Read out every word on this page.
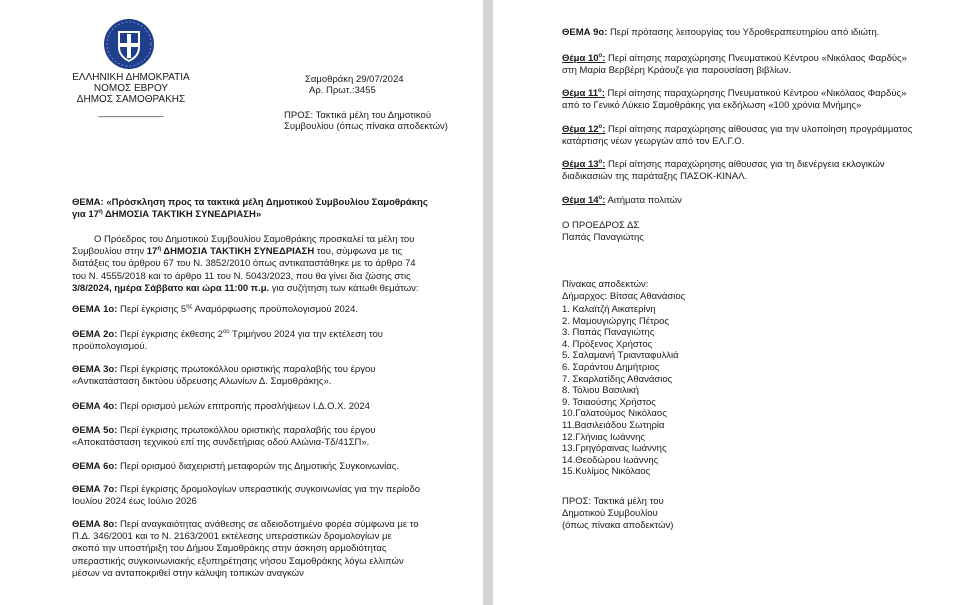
ΕΛΛΗΝΙΚΗ ΔΗΜΟΚΡΑΤΙΑ
ΝΟΜΟΣ ΕΒΡΟΥ
ΔΗΜΟΣ ΣΑΜΟΘΡΑΚΗΣ
_____________
Σαμοθράκη 29/07/2024
Αρ. Πρωτ.:3455
ΠΡΟΣ: Τακτικά μέλη του Δημοτικού
Συμβουλίου (όπως πίνακα αποδεκτών)
ΘΕΜΑ: «Πρόσκληση προς τα τακτικά μέλη Δημοτικού Συμβουλίου Σαμοθράκης
για $17^\eta$ ΔΗΜΟΣΙΑ ΤΑΚΤΙΚΗ ΣΥΝΕΔΡΙΑΣΗ»
Ο Πρόεδρος του Δημοτικού Συμβουλίου Σαμοθράκης προσκαλεί τα μέλη του
Συμβουλίου στην $17^\eta$ ΔΗΜΟΣΙΑ ΤΑΚΤΙΚΗ ΣΥΝΕΔΡΙΑΣΗ του, σύμφωνα με τις
διατάξεις του άρθρου 67 του Ν. 3852/2010 όπως αντικαταστάθηκε με το άρθρο 74
του Ν. 4555/2018 και το άρθρο 11 του Ν. 5043/2023, που θα γίνει δια ζώσης στις
3/8/2024, ημέρα Σάββατο και ώρα 11:00 π.μ. για συζήτηση των κάτωθι θεμάτων:
ΘΕΜΑ 1ο: Περί έγκρισης $5^{\eta\varsigma}$ Αναμόρφωσης προϋπολογισμού 2024.
ΘΕΜΑ 2ο: Περί έγκρισης έκθεσης $2^{o\upsilon}$ Τριμήνου 2024 για την εκτέλεση του
προϋπολογισμού.
ΘΕΜΑ 3ο: Περί έγκρισης πρωτοκόλλου οριστικής παραλαβής του έργου
«Αντικατάσταση δικτύου ύδρευσης Αλωνίων Δ. Σαμοθράκης».
ΘΕΜΑ 4ο: Περί ορισμού μελών επιτροπής προσλήψεων Ι.Δ.Ο.Χ. 2024
ΘΕΜΑ 5ο: Περί έγκρισης πρωτοκόλλου οριστικής παραλαβής του έργου
«Αποκατάσταση τεχνικού επί της συνδετήριας οδού Αλώνια-Τδ/41ΣΠ».
ΘΕΜΑ 6ο: Περί ορισμού διαχειριστή μεταφορών της Δημοτικής Συγκοινωνίας.
ΘΕΜΑ 7ο: Περί έγκρισης δρομολογίων υπεραστικής συγκοινωνίας για την περίοδο
Ιουλίου 2024 έως Ιούλιο 2026
ΘΕΜΑ 8ο: Περί αναγκαιότητας ανάθεσης σε αδειοδοτημένο φορέα σύμφωνα με το
Π.Δ. 346/2001 και το Ν. 2163/2001 εκτέλεσης υπεραστικών δρομολογίων με
σκοπό την υποστήριξη του Δήμου Σαμοθράκης στην άσκηση αρμοδιότητας
υπεραστικής συγκοινωνιακής εξυπηρέτησης νήσου Σαμοθράκης λόγω ελλιπών
μέσων να ανταποκριθεί στην κάλυψη τοπικών αναγκών
ΘΕΜΑ 9ο: Περί πρότασης λειτουργίας του Υδροθεραπευτηρίου από ιδιώτη.
Θέμα $10^o$: Περί αίτησης παραχώρησης Πνευματικού Κέντρου «Νικόλαος Φαρδύς»
στη Μαρία Βερβέρη Κράουζε για παρουσίαση βιβλίων.
Θέμα $11^o$: Περί αίτησης παραχώρησης Πνευματικού Κέντρου «Νικόλαος Φαρδύς»
από το Γενικό Λύκειο Σαμοθράκης για εκδήλωση «100 χρόνια Μνήμης»
Θέμα $12^o$: Περί αίτησης παραχώρησης αίθουσας για την υλοποίηση προγράμματος
κατάρτισης νέων γεωργών από τον ΕΛ.Γ.Ο.
Θέμα $13^o$: Περί αίτησης παραχώρησης αίθουσας για τη διενέργεια εκλογικών
διαδικασιών της παράταξης ΠΑΣΟΚ-ΚΙΝΑΛ.
Θέμα $14^o$: Αιτήματα πολιτών
Ο ΠΡΟΕΔΡΟΣ ΔΣ
Παπάς Παναγιώτης
Πίνακας αποδεκτών:
Δήμαρχος: Βίτσας Αθανάσιος
1. Καλαϊτζή Αικατερίνη
2. Μαμουγιώργης Πέτρος
3. Παπάς Παναγιώτης
4. Πρόξενος Χρήστος
5. Σαλαμανή Τριανταφυλλιά
6. Σαράντου Δημήτριος
7. Σκαρλατίδης Αθανάσιος
8. Τόλιου Βασιλική
9. Τσιαούσης Χρήστος
10.Γαλατούμος Νικόλαος
11.Βασιλειάδου Σωτηρία
12.Γλήνιας Ιωάννης
13.Γρηγόραινας Ιωάννης
14.Θεοδώρου Ιωάννης
15.Κυλίμος Νικόλαος
ΠΡΟΣ: Τακτικά μέλη του
Δημοτικού Συμβουλίου
(όπως πίνακα αποδεκτών)
